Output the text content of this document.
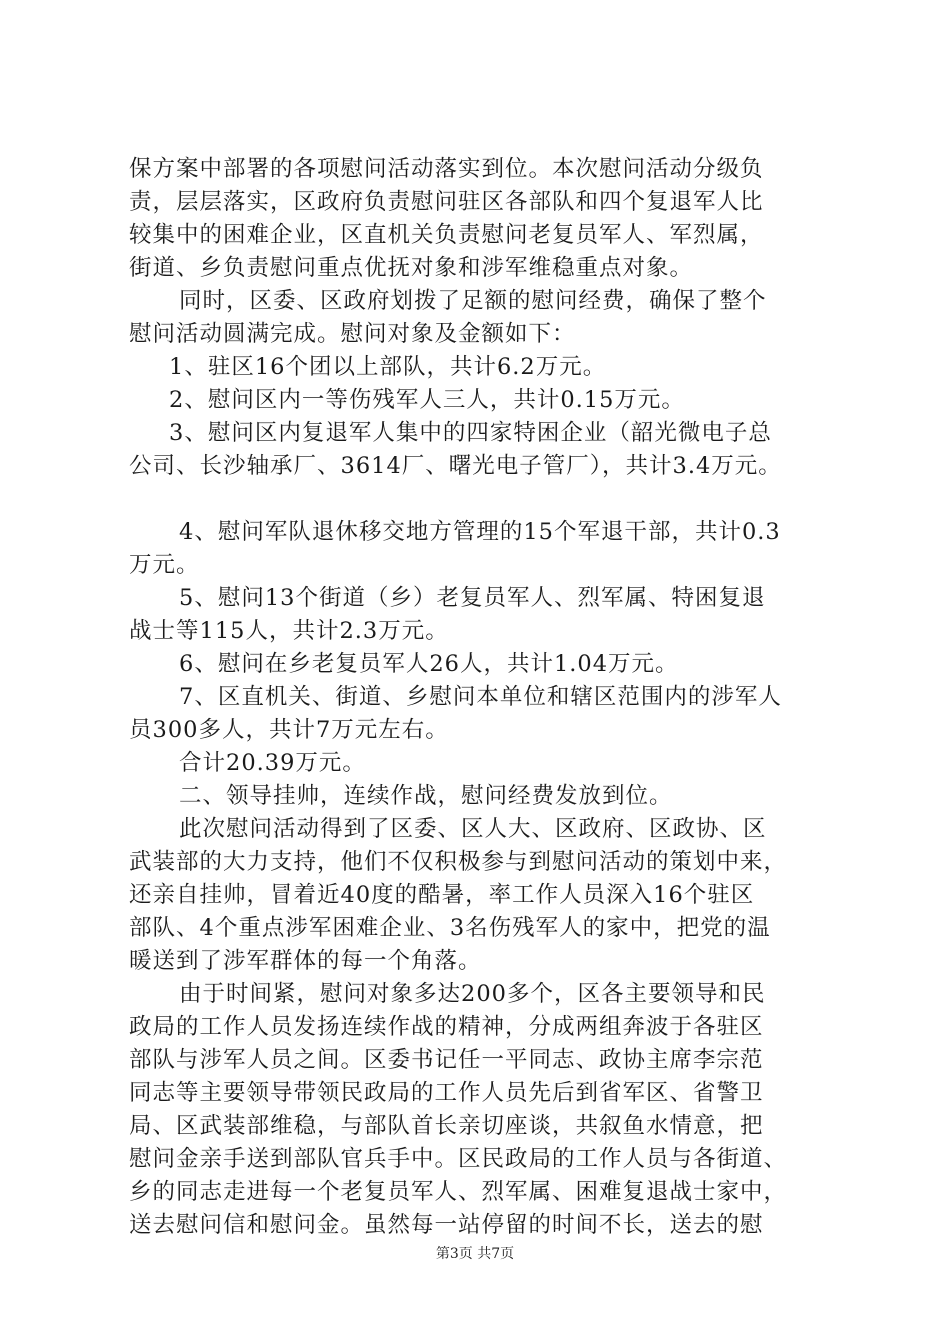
保方案中部署的各项慰问活动落实到位。本次慰问活动分级负
责，层层落实，区政府负责慰问驻区各部队和四个复退军人比
较集中的困难企业，区直机关负责慰问老复员军人、军烈属，
街道、乡负责慰问重点优抚对象和涉军维稳重点对象。
同时，区委、区政府划拨了足额的慰问经费，确保了整个
慰问活动圆满完成。慰问对象及金额如下：
1、驻区16个团以上部队，共计6.2万元。
2、慰问区内一等伤残军人三人，共计0.15万元。
3、慰问区内复退军人集中的四家特困企业（韶光微电子总
公司、长沙轴承厂、3614厂、曙光电子管厂），共计3.4万元。
4、慰问军队退休移交地方管理的15个军退干部，共计0.3
万元。
5、慰问13个街道（乡）老复员军人、烈军属、特困复退
战士等115人，共计2.3万元。
6、慰问在乡老复员军人26人，共计1.04万元。
7、区直机关、街道、乡慰问本单位和辖区范围内的涉军人
员300多人，共计7万元左右。
合计20.39万元。
二、领导挂帅，连续作战，慰问经费发放到位。
此次慰问活动得到了区委、区人大、区政府、区政协、区
武装部的大力支持，他们不仅积极参与到慰问活动的策划中来，
还亲自挂帅，冒着近40度的酷暑，率工作人员深入16个驻区
部队、4个重点涉军困难企业、3名伤残军人的家中，把党的温
暖送到了涉军群体的每一个角落。
由于时间紧，慰问对象多达200多个，区各主要领导和民
政局的工作人员发扬连续作战的精神，分成两组奔波于各驻区
部队与涉军人员之间。区委书记任一平同志、政协主席李宗范
同志等主要领导带领民政局的工作人员先后到省军区、省警卫
局、区武装部维稳，与部队首长亲切座谈，共叙鱼水情意，把
慰问金亲手送到部队官兵手中。区民政局的工作人员与各街道、
乡的同志走进每一个老复员军人、烈军属、困难复退战士家中，
送去慰问信和慰问金。虽然每一站停留的时间不长，送去的慰
第3页 共7页
